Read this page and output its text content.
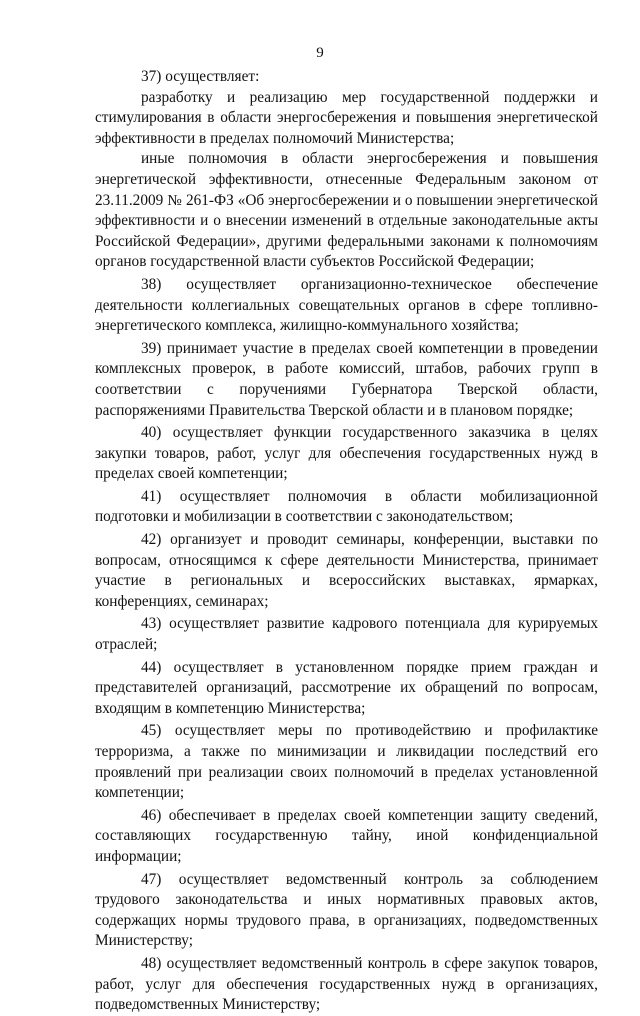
9

37) осуществляет:

разработку и реализацию мер государственной поддержки и стимулирования в области энергосбережения и повышения энергетической эффективности в пределах полномочий Министерства;

иные полномочия в области энергосбережения и повышения энергетической эффективности, отнесенные Федеральным законом от 23.11.2009 № 261-ФЗ «Об энергосбережении и о повышении энергетической эффективности и о внесении изменений в отдельные законодательные акты Российской Федерации», другими федеральными законами к полномочиям органов государственной власти субъектов Российской Федерации;

38) осуществляет организационно-техническое обеспечение деятельности коллегиальных совещательных органов в сфере топливно-энергетического комплекса, жилищно-коммунального хозяйства;

39) принимает участие в пределах своей компетенции в проведении комплексных проверок, в работе комиссий, штабов, рабочих групп в соответствии с поручениями Губернатора Тверской области, распоряжениями Правительства Тверской области и в плановом порядке;

40) осуществляет функции государственного заказчика в целях закупки товаров, работ, услуг для обеспечения государственных нужд в пределах своей компетенции;

41) осуществляет полномочия в области мобилизационной подготовки и мобилизации в соответствии с законодательством;

42) организует и проводит семинары, конференции, выставки по вопросам, относящимся к сфере деятельности Министерства, принимает участие в региональных и всероссийских выставках, ярмарках, конференциях, семинарах;

43) осуществляет развитие кадрового потенциала для курируемых отраслей;

44) осуществляет в установленном порядке прием граждан и представителей организаций, рассмотрение их обращений по вопросам, входящим в компетенцию Министерства;

45) осуществляет меры по противодействию и профилактике терроризма, а также по минимизации и ликвидации последствий его проявлений при реализации своих полномочий в пределах установленной компетенции;

46) обеспечивает в пределах своей компетенции защиту сведений, составляющих государственную тайну, иной конфиденциальной информации;

47) осуществляет ведомственный контроль за соблюдением трудового законодательства и иных нормативных правовых актов, содержащих нормы трудового права, в организациях, подведомственных Министерству;

48) осуществляет ведомственный контроль в сфере закупок товаров, работ, услуг для обеспечения государственных нужд в организациях, подведомственных Министерству;
